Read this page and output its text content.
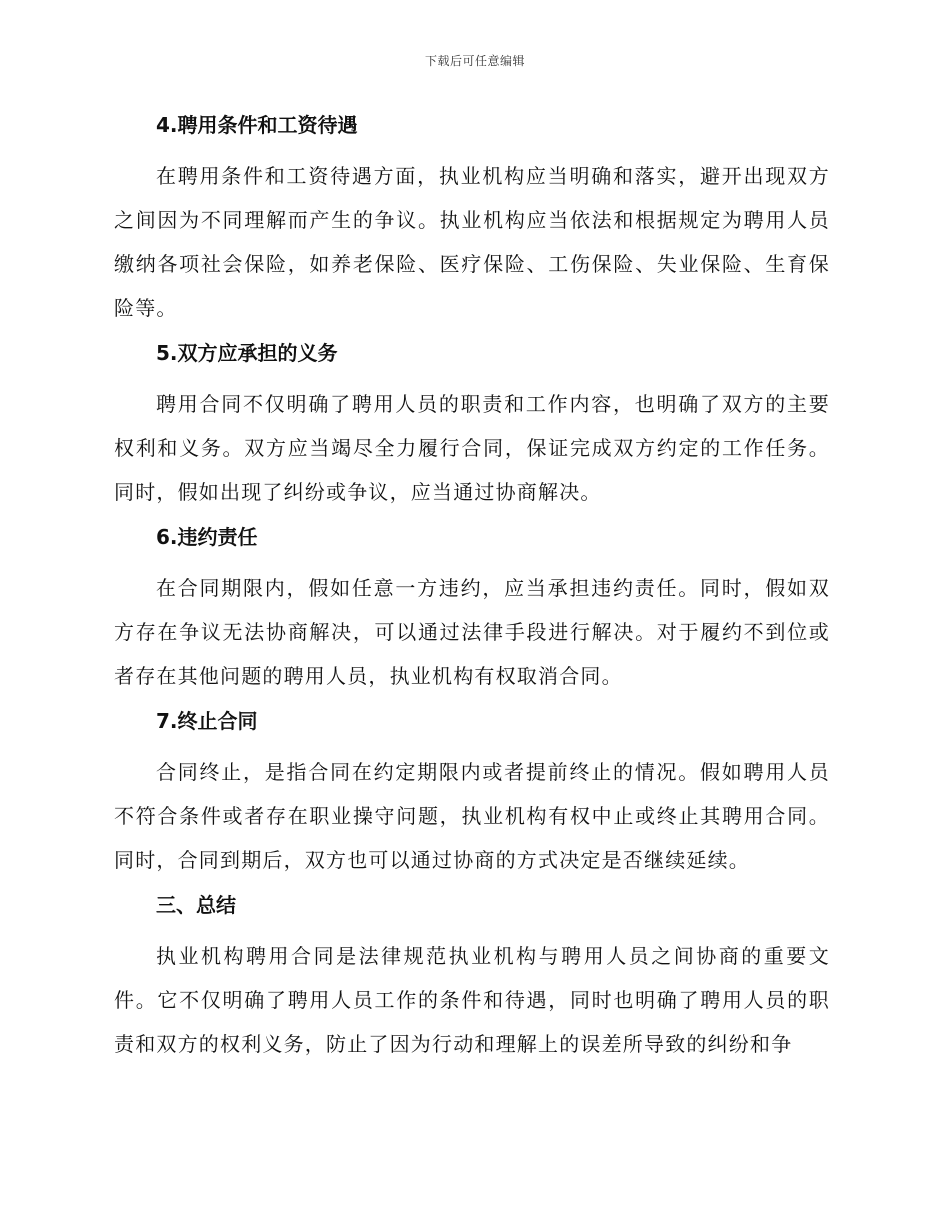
下载后可任意编辑
4.聘用条件和工资待遇

在聘用条件和工资待遇方面，执业机构应当明确和落实，避开出现双方之间因为不同理解而产生的争议。执业机构应当依法和根据规定为聘用人员缴纳各项社会保险，如养老保险、医疗保险、工伤保险、失业保险、生育保险等。

5.双方应承担的义务

聘用合同不仅明确了聘用人员的职责和工作内容，也明确了双方的主要权利和义务。双方应当竭尽全力履行合同，保证完成双方约定的工作任务。同时，假如出现了纠纷或争议，应当通过协商解决。

6.违约责任

在合同期限内，假如任意一方违约，应当承担违约责任。同时，假如双方存在争议无法协商解决，可以通过法律手段进行解决。对于履约不到位或者存在其他问题的聘用人员，执业机构有权取消合同。

7.终止合同

合同终止，是指合同在约定期限内或者提前终止的情况。假如聘用人员不符合条件或者存在职业操守问题，执业机构有权中止或终止其聘用合同。同时，合同到期后，双方也可以通过协商的方式决定是否继续延续。

三、总结

执业机构聘用合同是法律规范执业机构与聘用人员之间协商的重要文件。它不仅明确了聘用人员工作的条件和待遇，同时也明确了聘用人员的职责和双方的权利义务，防止了因为行动和理解上的误差所导致的纠纷和争
